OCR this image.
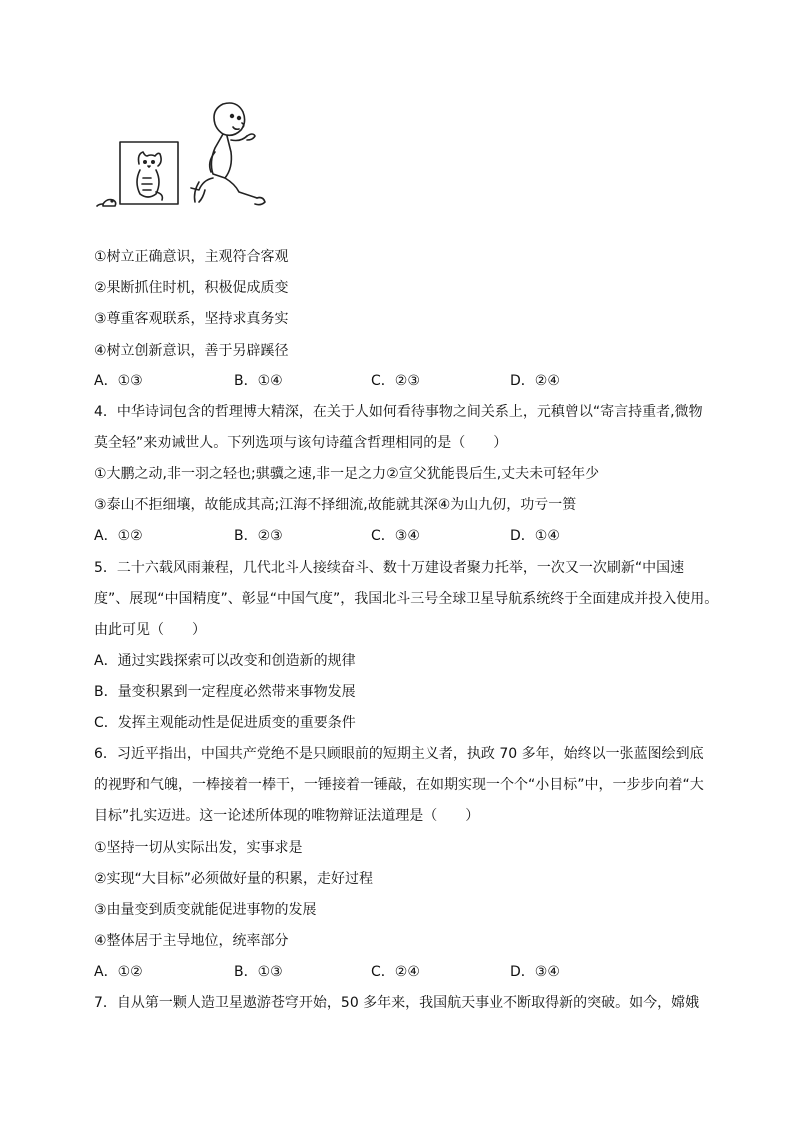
①树立正确意识，主观符合客观
②果断抓住时机，积极促成质变
③尊重客观联系，坚持求真务实
④树立创新意识，善于另辟蹊径
A．①③	B．①④	C．②③	D．②④
4．中华诗词包含的哲理博大精深，在关于人如何看待事物之间关系上，元稹曾以“寄言持重者,微物
莫全轻”来劝诫世人。下列选项与该句诗蕴含哲理相同的是（　　）
①大鹏之动,非一羽之轻也;骐骥之速,非一足之力②宣父犹能畏后生,丈夫未可轻年少
③泰山不拒细壤，故能成其高;江海不择细流,故能就其深④为山九仞，功亏一篑
A．①②	B．②③	C．③④	D．①④
5．二十六载风雨兼程，几代北斗人接续奋斗、数十万建设者聚力托举，一次又一次刷新“中国速
度”、展现“中国精度”、彰显“中国气度”，我国北斗三号全球卫星导航系统终于全面建成并投入使用。
由此可见（　　）
A．通过实践探索可以改变和创造新的规律
B．量变积累到一定程度必然带来事物发展
C．发挥主观能动性是促进质变的重要条件
6．习近平指出，中国共产党绝不是只顾眼前的短期主义者，执政 70 多年，始终以一张蓝图绘到底
的视野和气魄，一棒接着一棒干，一锤接着一锤敲，在如期实现一个个“小目标”中，一步步向着“大
目标”扎实迈进。这一论述所体现的唯物辩证法道理是（　　）
①坚持一切从实际出发，实事求是
②实现“大目标”必须做好量的积累，走好过程
③由量变到质变就能促进事物的发展
④整体居于主导地位，统率部分
A．①②	B．①③	C．②④	D．③④
7．自从第一颗人造卫星遨游苍穹开始，50 多年来，我国航天事业不断取得新的突破。如今，嫦娥
